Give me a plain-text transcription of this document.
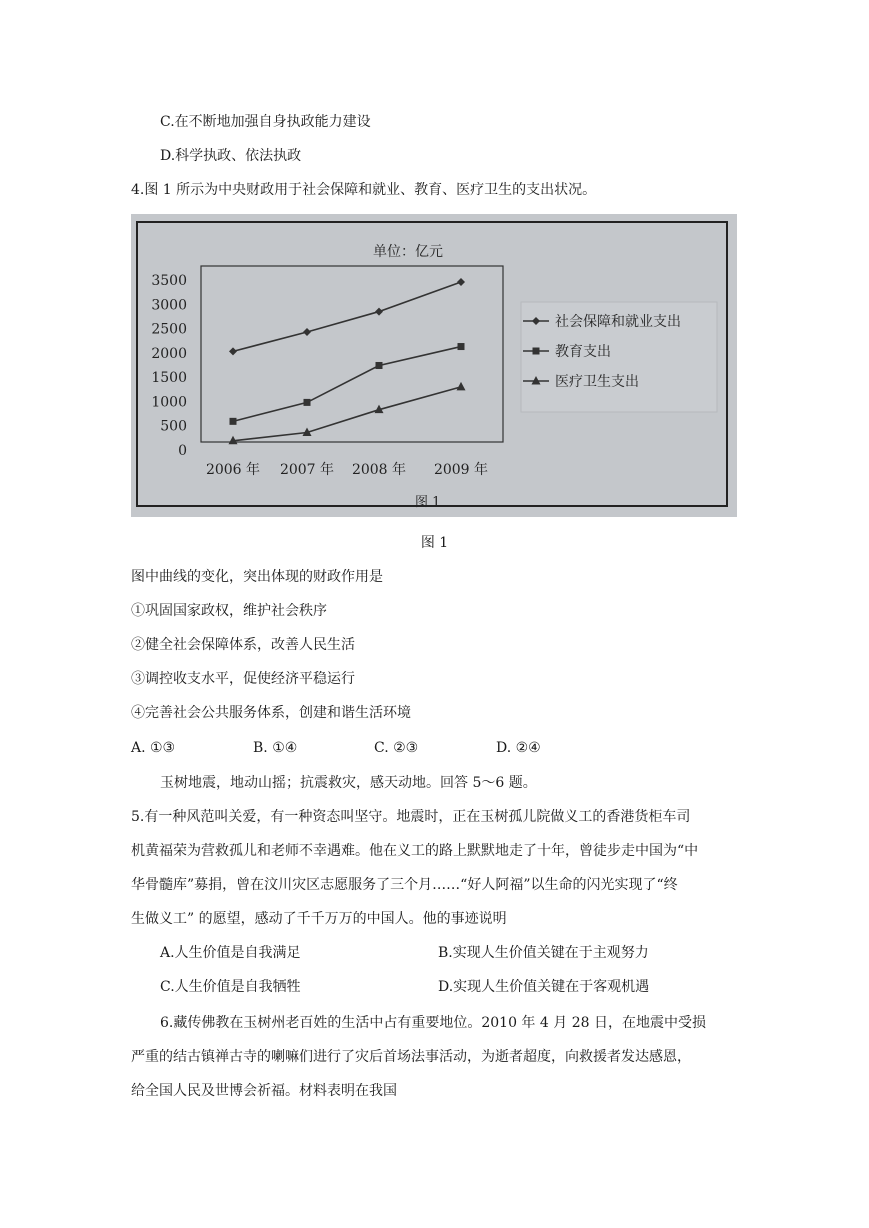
C.在不断地加强自身执政能力建设
D.科学执政、依法执政
4.图 1 所示为中央财政用于社会保障和就业、教育、医疗卫生的支出状况。
3500
3000
2500
2000
1500
1000
500
0
2006 年 2007 年 2008 年 2009 年
社会保障和就业支出
教育支出
医疗卫生支出
单位：亿元
图 1
图 1
图中曲线的变化，突出体现的财政作用是
①巩固国家政权，维护社会秩序
②健全社会保障体系，改善人民生活
③调控收支水平，促使经济平稳运行
④完善社会公共服务体系，创建和谐生活环境
A. ①③	B. ①④	C. ②③	D. ②④
玉树地震，地动山摇；抗震救灾，感天动地。回答 5～6 题。
5.有一种风范叫关爱，有一种资态叫坚守。地震时，正在玉树孤儿院做义工的香港货柜车司
机黄福荣为营救孤儿和老师不幸遇难。他在义工的路上默默地走了十年，曾徒步走中国为“中
华骨髓库”募捐，曾在汶川灾区志愿服务了三个月……“好人阿福”以生命的闪光实现了“终
生做义工” 的愿望，感动了千千万万的中国人。他的事迹说明
A.人生价值是自我满足	B.实现人生价值关键在于主观努力
C.人生价值是自我牺牲	D.实现人生价值关键在于客观机遇
6.藏传佛教在玉树州老百姓的生活中占有重要地位。2010 年 4 月 28 日，在地震中受损
严重的结古镇禅古寺的喇嘛们进行了灾后首场法事活动，为逝者超度，向救援者发达感恩，
给全国人民及世博会祈福。材料表明在我国
